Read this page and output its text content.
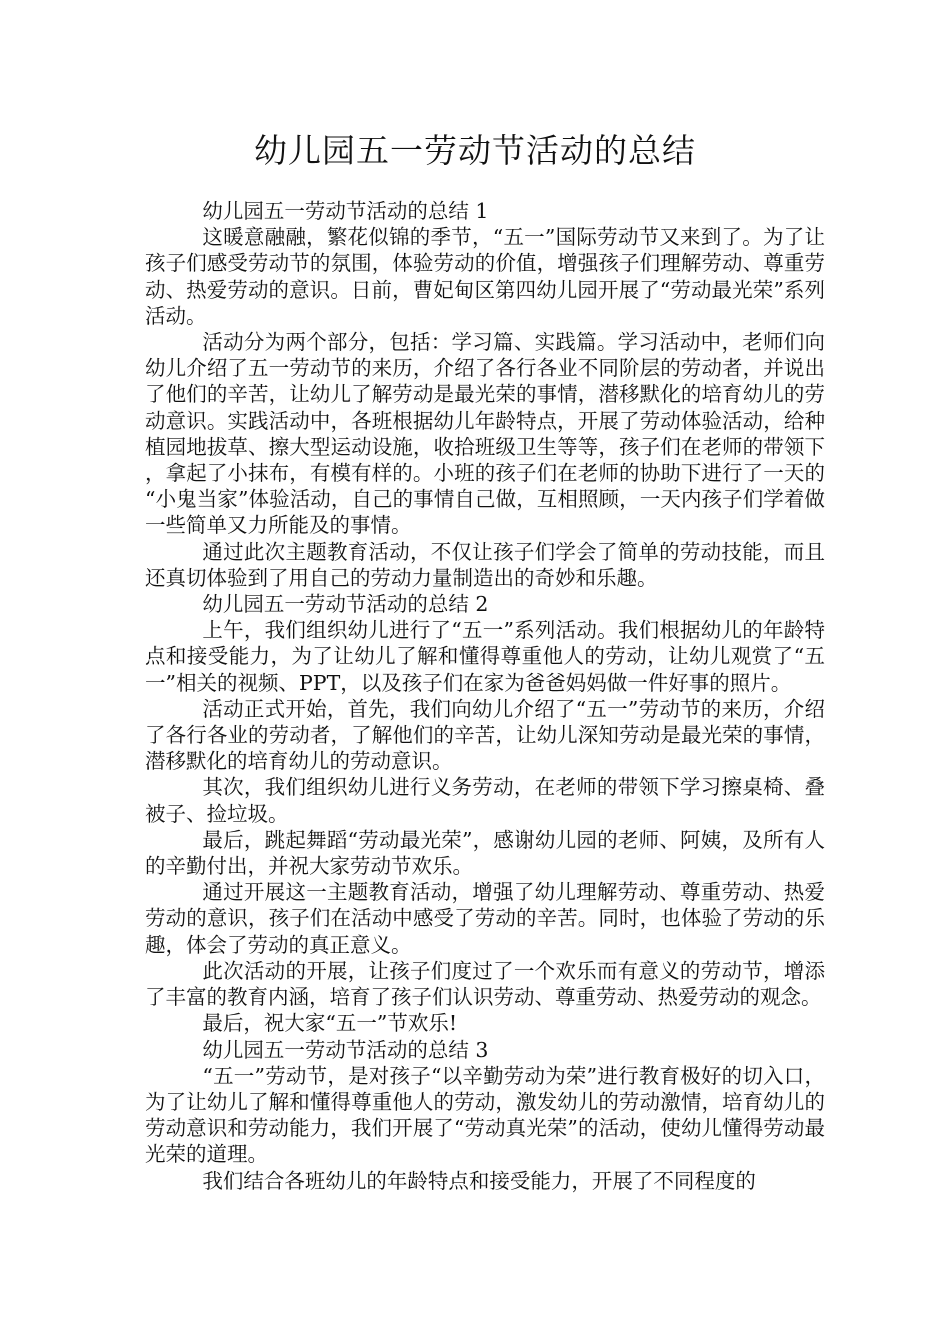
幼儿园五一劳动节活动的总结

幼儿园五一劳动节活动的总结 1

这暖意融融，繁花似锦的季节，“五一”国际劳动节又来到了。为了让孩子们感受劳动节的氛围，体验劳动的价值，增强孩子们理解劳动、尊重劳动、热爱劳动的意识。日前，曹妃甸区第四幼儿园开展了“劳动最光荣”系列活动。

活动分为两个部分，包括：学习篇、实践篇。学习活动中，老师们向幼儿介绍了五一劳动节的来历，介绍了各行各业不同阶层的劳动者，并说出了他们的辛苦，让幼儿了解劳动是最光荣的事情，潜移默化的培育幼儿的劳动意识。实践活动中，各班根据幼儿年龄特点，开展了劳动体验活动，给种植园地拔草、擦大型运动设施，收拾班级卫生等等，孩子们在老师的带领下，拿起了小抹布，有模有样的。小班的孩子们在老师的协助下进行了一天的“小鬼当家”体验活动，自己的事情自己做，互相照顾，一天内孩子们学着做一些简单又力所能及的事情。

通过此次主题教育活动，不仅让孩子们学会了简单的劳动技能，而且还真切体验到了用自己的劳动力量制造出的奇妙和乐趣。

幼儿园五一劳动节活动的总结 2

上午，我们组织幼儿进行了“五一”系列活动。我们根据幼儿的年龄特点和接受能力，为了让幼儿了解和懂得尊重他人的劳动，让幼儿观赏了“五一”相关的视频、PPT，以及孩子们在家为爸爸妈妈做一件好事的照片。

活动正式开始，首先，我们向幼儿介绍了“五一”劳动节的来历，介绍了各行各业的劳动者，了解他们的辛苦，让幼儿深知劳动是最光荣的事情，潜移默化的培育幼儿的劳动意识。

其次，我们组织幼儿进行义务劳动，在老师的带领下学习擦桌椅、叠被子、捡垃圾。

最后，跳起舞蹈“劳动最光荣”，感谢幼儿园的老师、阿姨，及所有人的辛勤付出，并祝大家劳动节欢乐。

通过开展这一主题教育活动，增强了幼儿理解劳动、尊重劳动、热爱劳动的意识，孩子们在活动中感受了劳动的辛苦。同时，也体验了劳动的乐趣，体会了劳动的真正意义。

此次活动的开展，让孩子们度过了一个欢乐而有意义的劳动节，增添了丰富的教育内涵，培育了孩子们认识劳动、尊重劳动、热爱劳动的观念。

最后，祝大家“五一”节欢乐!

幼儿园五一劳动节活动的总结 3

“五一”劳动节，是对孩子“以辛勤劳动为荣”进行教育极好的切入口，为了让幼儿了解和懂得尊重他人的劳动，激发幼儿的劳动激情，培育幼儿的劳动意识和劳动能力，我们开展了“劳动真光荣”的活动，使幼儿懂得劳动最光荣的道理。

我们结合各班幼儿的年龄特点和接受能力，开展了不同程度的
